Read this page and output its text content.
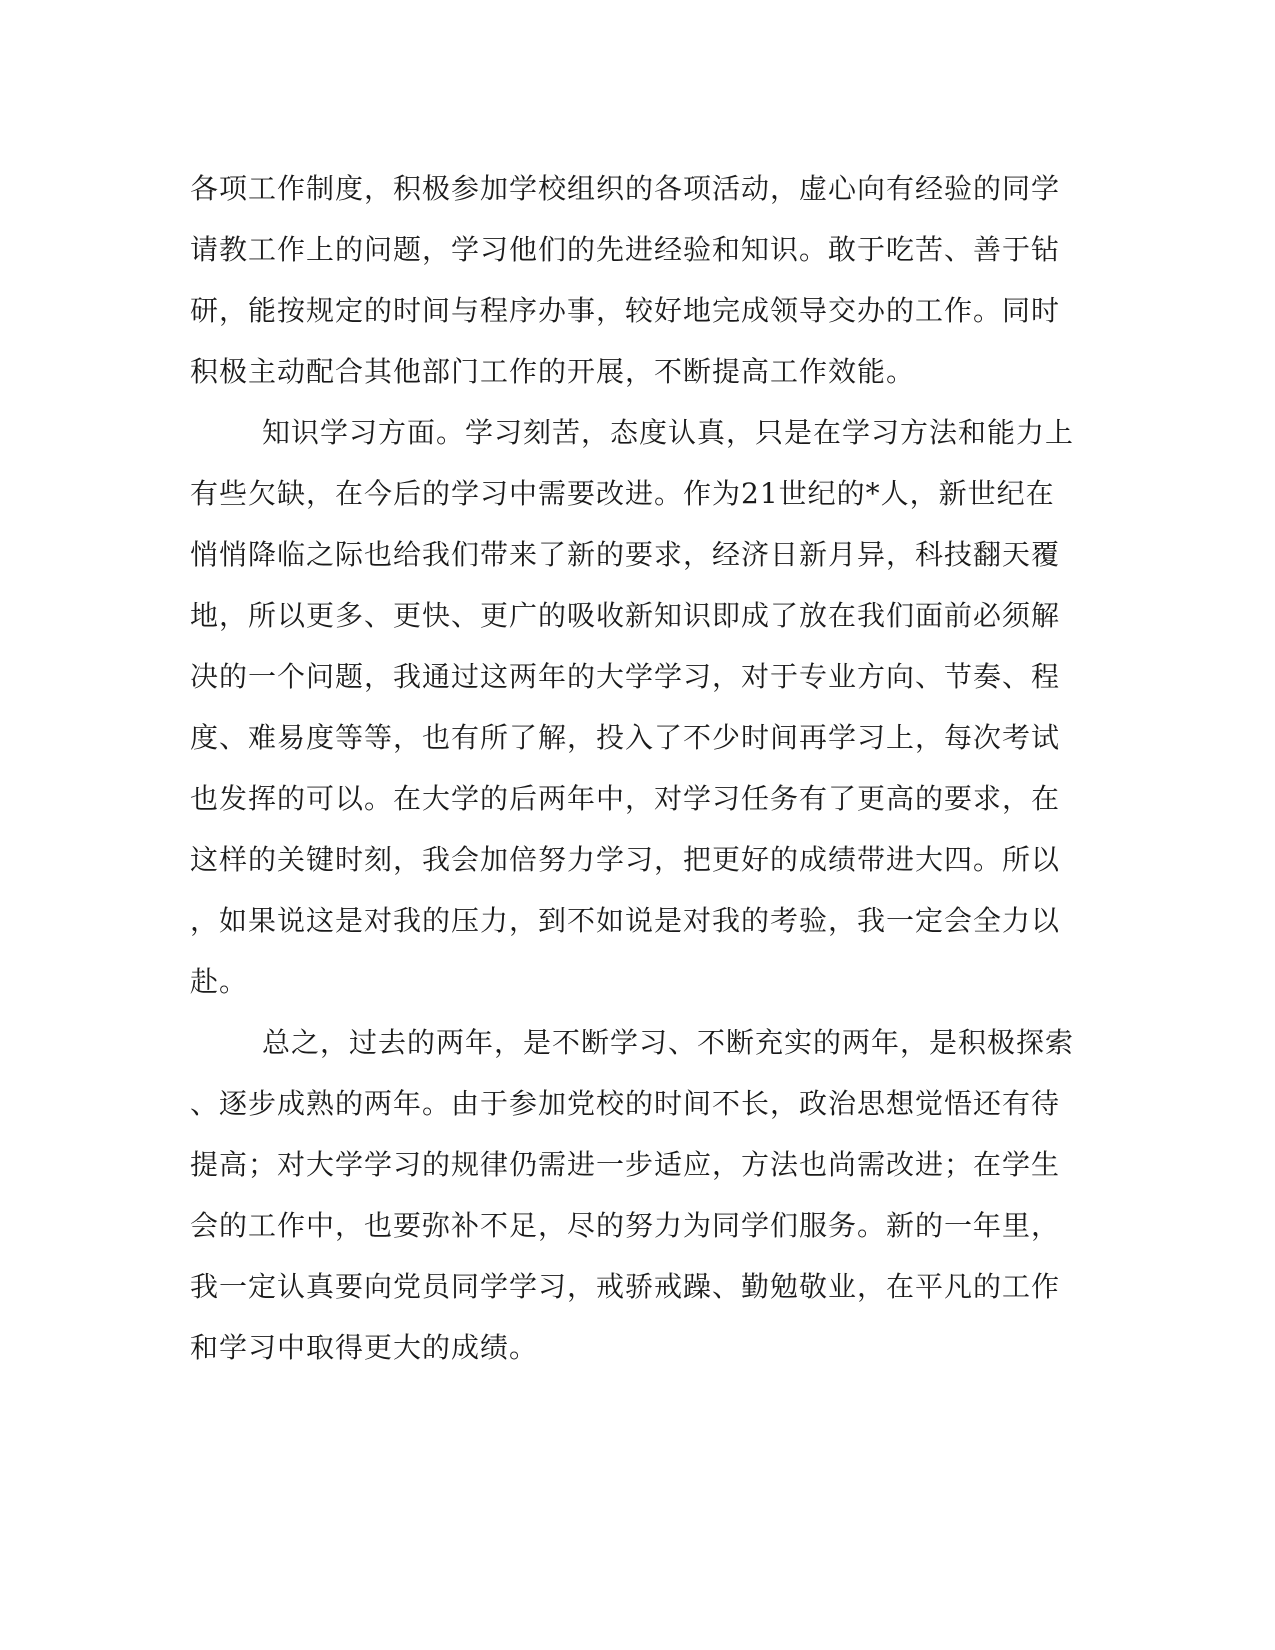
各项工作制度，积极参加学校组织的各项活动，虚心向有经验的同学
请教工作上的问题，学习他们的先进经验和知识。敢于吃苦、善于钻
研，能按规定的时间与程序办事，较好地完成领导交办的工作。同时
积极主动配合其他部门工作的开展，不断提高工作效能。
知识学习方面。学习刻苦，态度认真，只是在学习方法和能力上
有些欠缺，在今后的学习中需要改进。作为21世纪的*人，新世纪在
悄悄降临之际也给我们带来了新的要求，经济日新月异，科技翻天覆
地，所以更多、更快、更广的吸收新知识即成了放在我们面前必须解
决的一个问题，我通过这两年的大学学习，对于专业方向、节奏、程
度、难易度等等，也有所了解，投入了不少时间再学习上，每次考试
也发挥的可以。在大学的后两年中，对学习任务有了更高的要求，在
这样的关键时刻，我会加倍努力学习，把更好的成绩带进大四。所以
，如果说这是对我的压力，到不如说是对我的考验，我一定会全力以
赴。
总之，过去的两年，是不断学习、不断充实的两年，是积极探索
、逐步成熟的两年。由于参加党校的时间不长，政治思想觉悟还有待
提高；对大学学习的规律仍需进一步适应，方法也尚需改进；在学生
会的工作中，也要弥补不足，尽的努力为同学们服务。新的一年里，
我一定认真要向党员同学学习，戒骄戒躁、勤勉敬业，在平凡的工作
和学习中取得更大的成绩。
